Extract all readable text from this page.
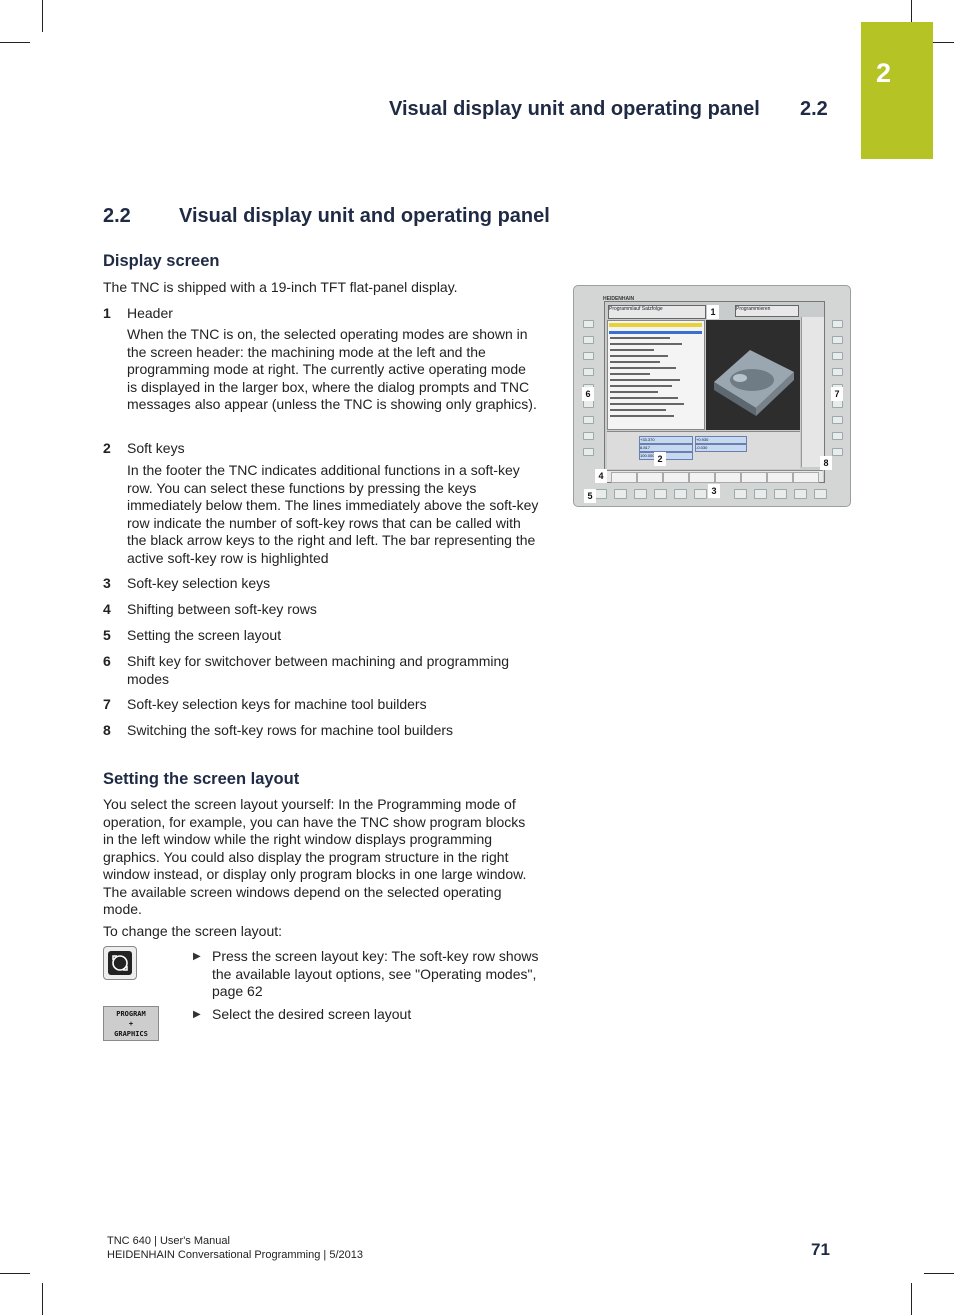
2
Visual display unit and operating panel 2.2
2.2 Visual display unit and operating panel
Display screen

The TNC is shipped with a 19-inch TFT flat-panel display.

1 Header

When the TNC is on, the selected operating modes are shown in the screen header: the machining mode at the left and the programming mode at right. The currently active operating mode is displayed in the larger box, where the dialog prompts and TNC messages also appear (unless the TNC is showing only graphics).

2 Soft keys

In the footer the TNC indicates additional functions in a soft-key row. You can select these functions by pressing the keys immediately below them. The lines immediately above the soft-key row indicate the number of soft-key rows that can be called with the black arrow keys to the right and left. The bar representing the active soft-key row is highlighted

3 Soft-key selection keys
4 Shifting between soft-key rows
5 Setting the screen layout
6 Shift key for switchover between machining and programming modes
7 Soft-key selection keys for machine tool builders
8 Switching the soft-key rows for machine tool builders
Setting the screen layout

You select the screen layout yourself: In the Programming mode of operation, for example, you can have the TNC show program blocks in the left window while the right window displays programming graphics. You could also display the program structure in the right window instead, or display only program blocks in one large window. The available screen windows depend on the selected operating mode.

To change the screen layout:

▶ Press the screen layout key: The soft-key row shows the available layout options, see "Operating modes", page 62
PROGRAM
+
GRAPHICS
▶ Select the desired screen layout
Programmlauf Satzfolge	Programmieren
+33.370	+0.930
8.817	-0.030
100.000
HEIDENHAIN
1
2
3
4
5
6	7
8
TNC 640 | User's Manual
HEIDENHAIN Conversational Programming | 5/2013	71
